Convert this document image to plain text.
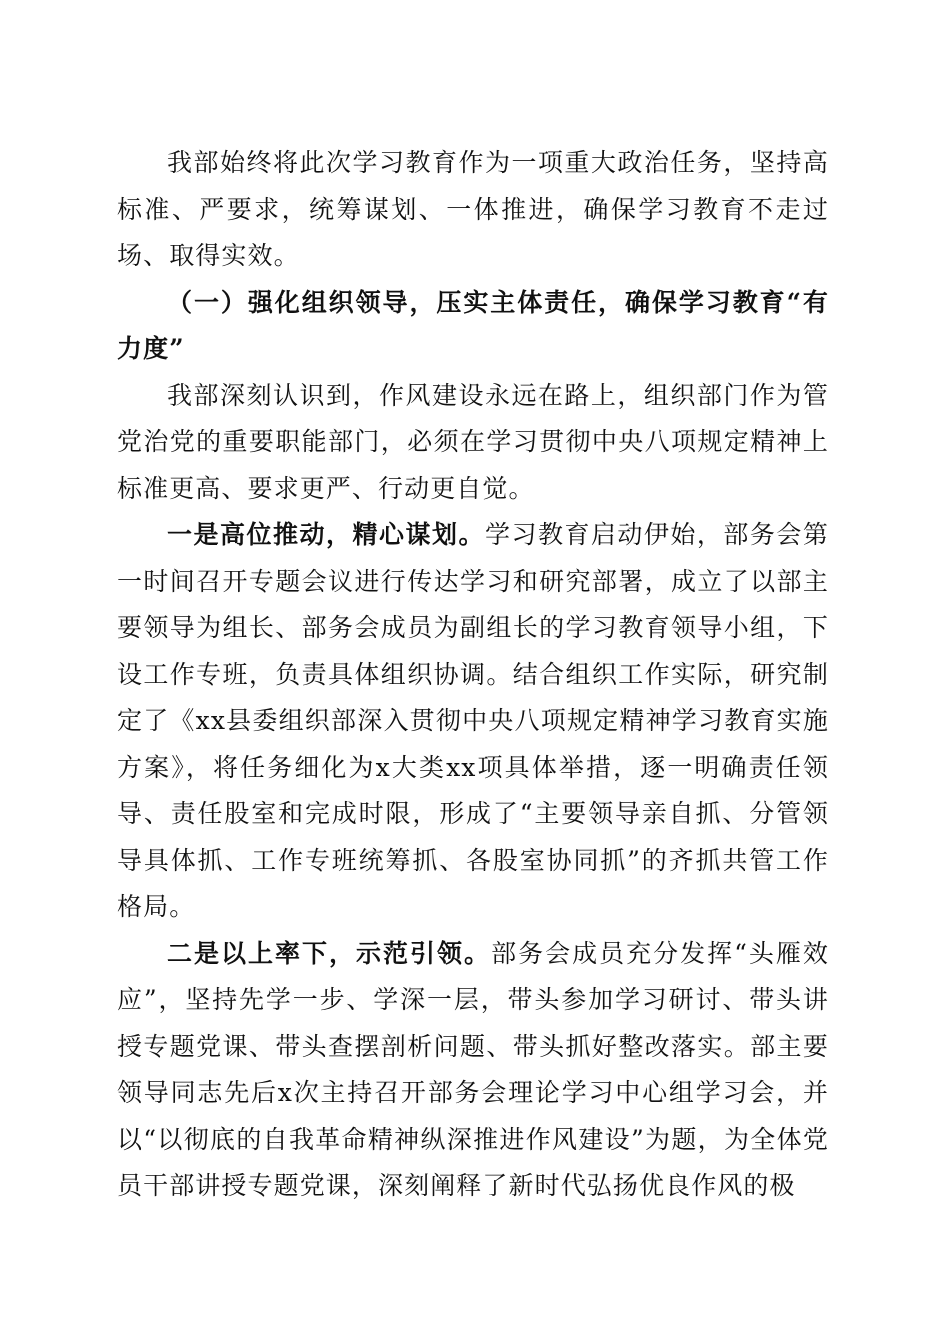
我部始终将此次学习教育作为一项重大政治任务，坚持高标准、严要求，统筹谋划、一体推进，确保学习教育不走过场、取得实效。

（一）强化组织领导，压实主体责任，确保学习教育“有力度”

我部深刻认识到，作风建设永远在路上，组织部门作为管党治党的重要职能部门，必须在学习贯彻中央八项规定精神上标准更高、要求更严、行动更自觉。

一是高位推动，精心谋划。学习教育启动伊始，部务会第一时间召开专题会议进行传达学习和研究部署，成立了以部主要领导为组长、部务会成员为副组长的学习教育领导小组，下设工作专班，负责具体组织协调。结合组织工作实际，研究制定了《xx县委组织部深入贯彻中央八项规定精神学习教育实施方案》，将任务细化为x大类xx项具体举措，逐一明确责任领导、责任股室和完成时限，形成了“主要领导亲自抓、分管领导具体抓、工作专班统筹抓、各股室协同抓”的齐抓共管工作格局。

二是以上率下，示范引领。部务会成员充分发挥“头雁效应”，坚持先学一步、学深一层，带头参加学习研讨、带头讲授专题党课、带头查摆剖析问题、带头抓好整改落实。部主要领导同志先后x次主持召开部务会理论学习中心组学习会，并以“以彻底的自我革命精神纵深推进作风建设”为题，为全体党员干部讲授专题党课，深刻阐释了新时代弘扬优良作风的极
